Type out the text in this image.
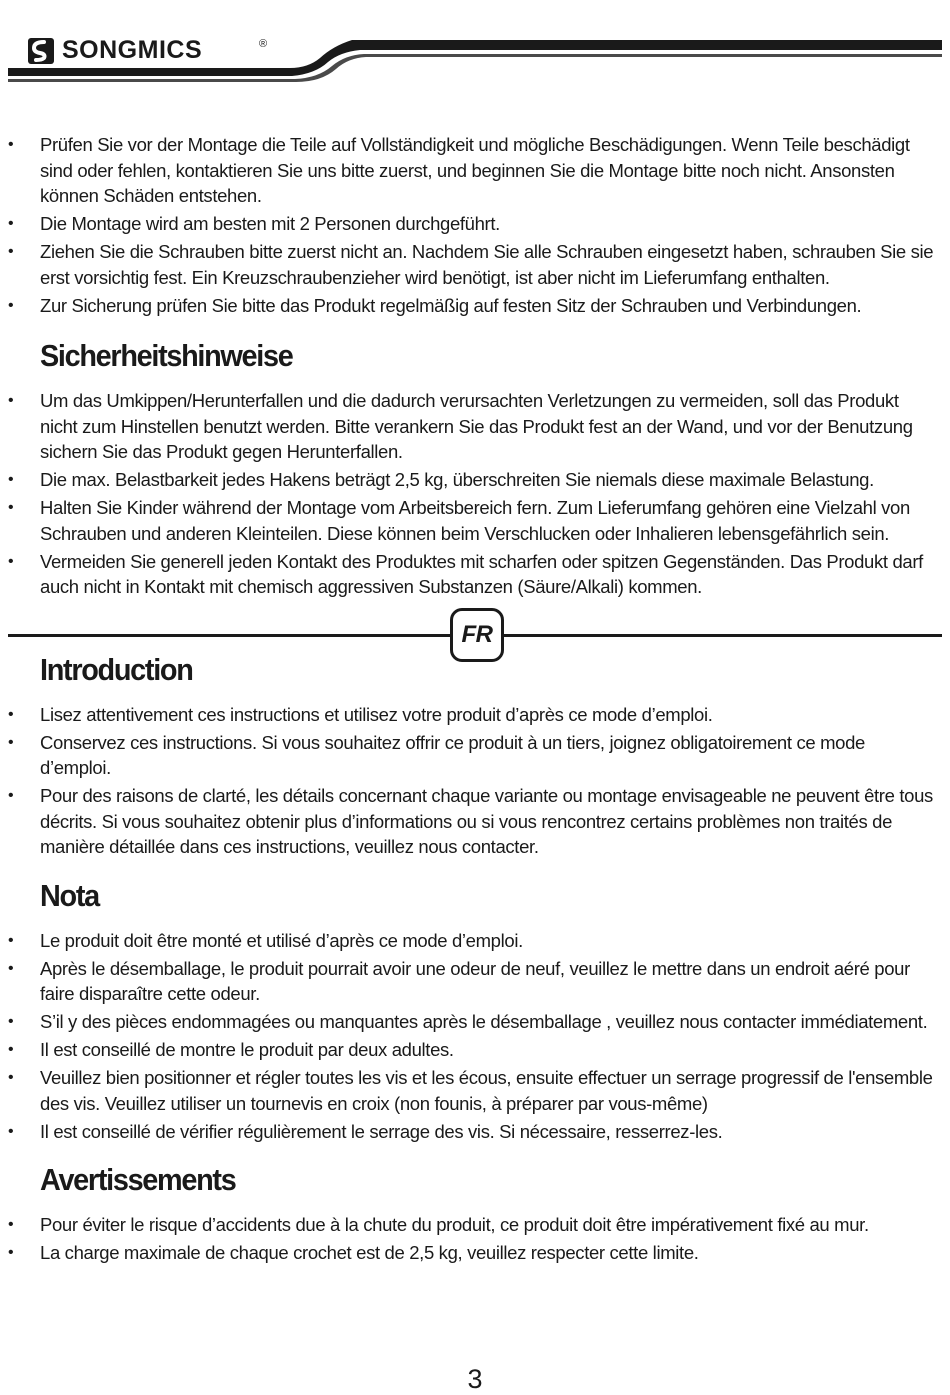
SONGMICS	®
• Prüfen Sie vor der Montage die Teile auf Vollständigkeit und mögliche Beschädigungen. Wenn Teile beschädigt sind oder fehlen, kontaktieren Sie uns bitte zuerst, und beginnen Sie die Montage bitte noch nicht. Ansonsten können Schäden entstehen.
• Die Montage wird am besten mit 2 Personen durchgeführt.
• Ziehen Sie die Schrauben bitte zuerst nicht an. Nachdem Sie alle Schrauben eingesetzt haben, schrauben Sie sie erst vorsichtig fest. Ein Kreuzschraubenzieher wird benötigt, ist aber nicht im Lieferumfang enthalten.
• Zur Sicherung prüfen Sie bitte das Produkt regelmäßig auf festen Sitz der Schrauben und Verbindungen.
Sicherheitshinweise
• Um das Umkippen/Herunterfallen und die dadurch verursachten Verletzungen zu vermeiden, soll das Produkt nicht zum Hinstellen benutzt werden. Bitte verankern Sie das Produkt fest an der Wand, und vor der Benutzung sichern Sie das Produkt gegen Herunterfallen.
• Die max. Belastbarkeit jedes Hakens beträgt 2,5 kg, überschreiten Sie niemals diese maximale Belastung.
• Halten Sie Kinder während der Montage vom Arbeitsbereich fern. Zum Lieferumfang gehören eine Vielzahl von Schrauben und anderen Kleinteilen. Diese können beim Verschlucken oder Inhalieren lebensgefährlich sein.
• Vermeiden Sie generell jeden Kontakt des Produktes mit scharfen oder spitzen Gegenständen. Das Produkt darf auch nicht in Kontakt mit chemisch aggressiven Substanzen (Säure/Alkali) kommen.
FR
Introduction
• Lisez attentivement ces instructions et utilisez votre produit d’après ce mode d’emploi.
• Conservez ces instructions. Si vous souhaitez offrir ce produit à un tiers, joignez obligatoirement ce mode d’emploi.
• Pour des raisons de clarté, les détails concernant chaque variante ou montage envisageable ne peuvent être tous décrits. Si vous souhaitez obtenir plus d’informations ou si vous rencontrez certains problèmes non traités de manière détaillée dans ces instructions, veuillez nous contacter.
Nota
• Le produit doit être monté et utilisé d’après ce mode d’emploi.
• Après le désemballage, le produit pourrait avoir une odeur de neuf, veuillez le mettre dans un endroit aéré pour faire disparaître cette odeur.
• S’il y des pièces endommagées ou manquantes après le désemballage , veuillez nous contacter immédiatement.
• Il est conseillé de montre le produit par deux adultes.
• Veuillez bien positionner et régler toutes les vis et les écous, ensuite effectuer un serrage progressif de l'ensemble des vis. Veuillez utiliser un tournevis en croix (non founis, à préparer par vous-même)
• Il est conseillé de vérifier régulièrement le serrage des vis. Si nécessaire, resserrez-les.
Avertissements
• Pour éviter le risque d’accidents due à la chute du produit, ce produit doit être impérativement fixé au mur.
• La charge maximale de chaque crochet est de 2,5 kg, veuillez respecter cette limite.
3
